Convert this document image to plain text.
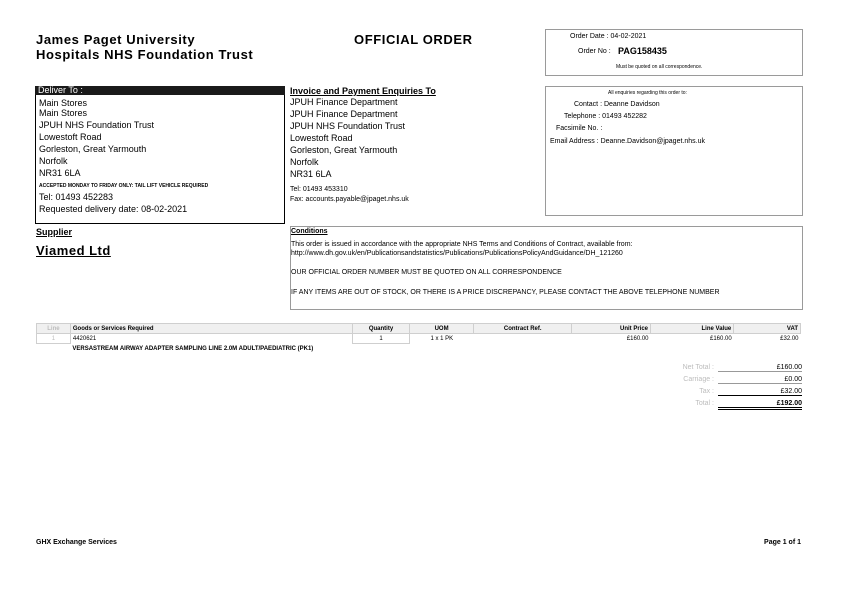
James Paget University
Hospitals NHS Foundation Trust
OFFICIAL ORDER	Order Date : 04-02-2021
Order No : PAG158435
Must be quoted on all correspondence.
Deliver To :
Main Stores
Main Stores
JPUH NHS Foundation Trust
Lowestoft Road
Gorleston, Great Yarmouth
Norfolk
NR31 6LA
ACCEPTED MONDAY TO FRIDAY ONLY: TAIL LIFT VEHICLE REQUIRED
Tel: 01493 452283
Requested delivery date: 08-02-2021
Invoice and Payment Enquiries To
JPUH Finance Department
JPUH Finance Department
JPUH NHS Foundation Trust
Lowestoft Road
Gorleston, Great Yarmouth
Norfolk
NR31 6LA
Tel: 01493 453310
Fax: accounts.payable@jpaget.nhs.uk
All enquiries regarding this order to:
Contact : Deanne Davidson
Telephone : 01493 452282
Facsimile No. :
Email Address : Deanne.Davidson@jpaget.nhs.uk
Supplier
Viamed Ltd
Conditions
This order is issued in accordance with the appropriate NHS Terms and Conditions of Contract, available from:
http://www.dh.gov.uk/en/Publicationsandstatistics/Publications/PublicationsPolicyAndGuidance/DH_121260
OUR OFFICIAL ORDER NUMBER MUST BE QUOTED ON ALL CORRESPONDENCE
IF ANY ITEMS ARE OUT OF STOCK, OR THERE IS A PRICE DISCREPANCY, PLEASE CONTACT THE ABOVE TELEPHONE NUMBER
Line	Goods or Services Required	Quantity	UOM	Contract Ref.	Unit Price	Line Value	VAT
1	4420621	1	1 x 1 PK		£160.00	£160.00	£32.00
	VERSASTREAM AIRWAY ADAPTER SAMPLING LINE 2.0M ADULT/PAEDIATRIC (PK1)						
Net Total :	£160.00
Carriage :	£0.00
Tax :	£32.00
Total :	£192.00
GHX Exchange Services	Page 1 of 1
